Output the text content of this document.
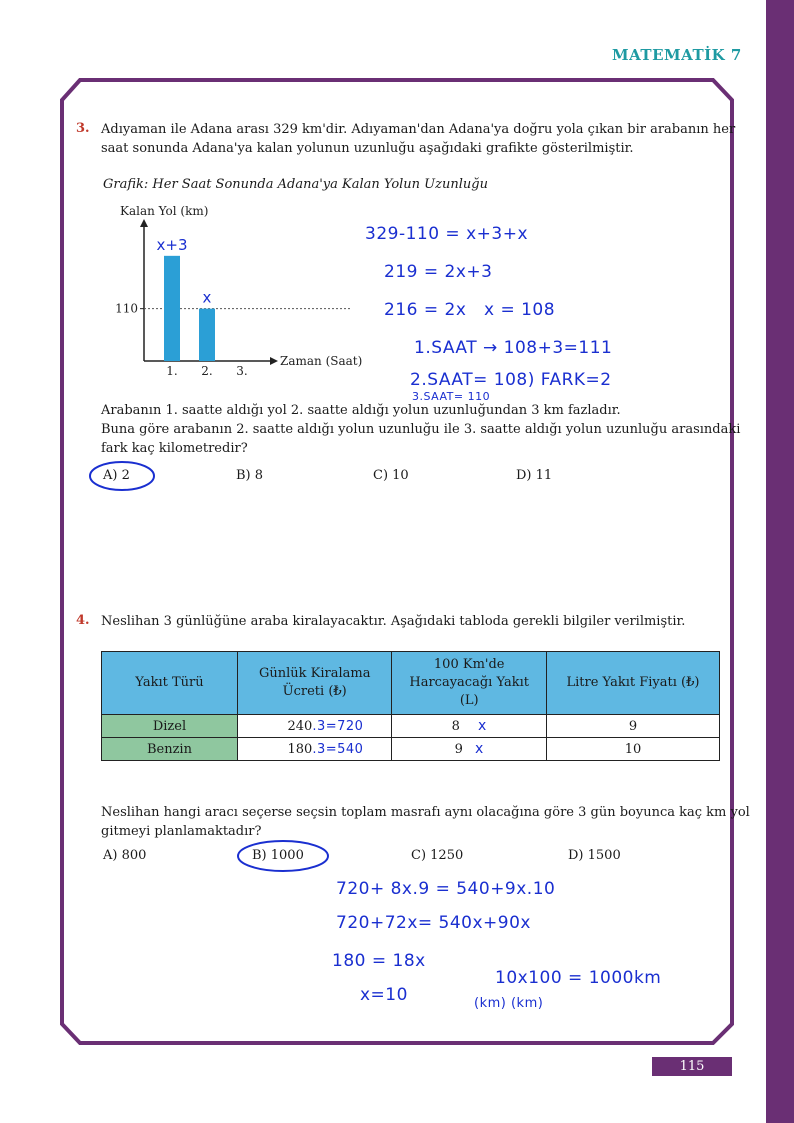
MATEMATİK 7
3. Adıyaman ile Adana arası 329 km'dir. Adıyaman'dan Adana'ya doğru yola çıkan bir arabanın her
saat sonunda Adana'ya kalan yolunun uzunluğu aşağıdaki grafikte gösterilmiştir.
Grafik: Her Saat Sonunda Adana'ya Kalan Yolun Uzunluğu
Kalan Yol (km)
Zaman (Saat)
110
1.
x+3
2.
x
3.
Arabanın 1. saatte aldığı yol 2. saatte aldığı yolun uzunluğundan 3 km fazladır.
Buna göre arabanın 2. saatte aldığı yolun uzunluğu ile 3. saatte aldığı yolun uzunluğu arasındaki
fark kaç kilometredir?
A) 2	B) 8	C) 10	D) 11
329-110 = x+3+x
219 = 2x+3
216 = 2x x = 108
1.SAAT → 108+3=111
2.SAAT= 108) FARK=2
3.SAAT= 110
4. Neslihan 3 günlüğüne araba kiralayacaktır. Aşağıdaki tabloda gerekli bilgiler verilmiştir.
Yakıt Türü	Günlük Kiralama Ücreti (₺)	100 Km'de Harcayacağı Yakıt (L)	Litre Yakıt Fiyatı (₺)
Dizel	240.3=720	8 x	9
Benzin	180.3=540	9 x	10
Neslihan hangi aracı seçerse seçsin toplam masrafı aynı olacağına göre 3 gün boyunca kaç km yol
gitmeyi planlamaktadır?
A) 800	B) 1000	C) 1250	D) 1500
720+ 8x.9 = 540+9x.10
720+72x= 540x+90x
180 = 18x
x=10
10x100 = 1000km
(km) (km)
115
